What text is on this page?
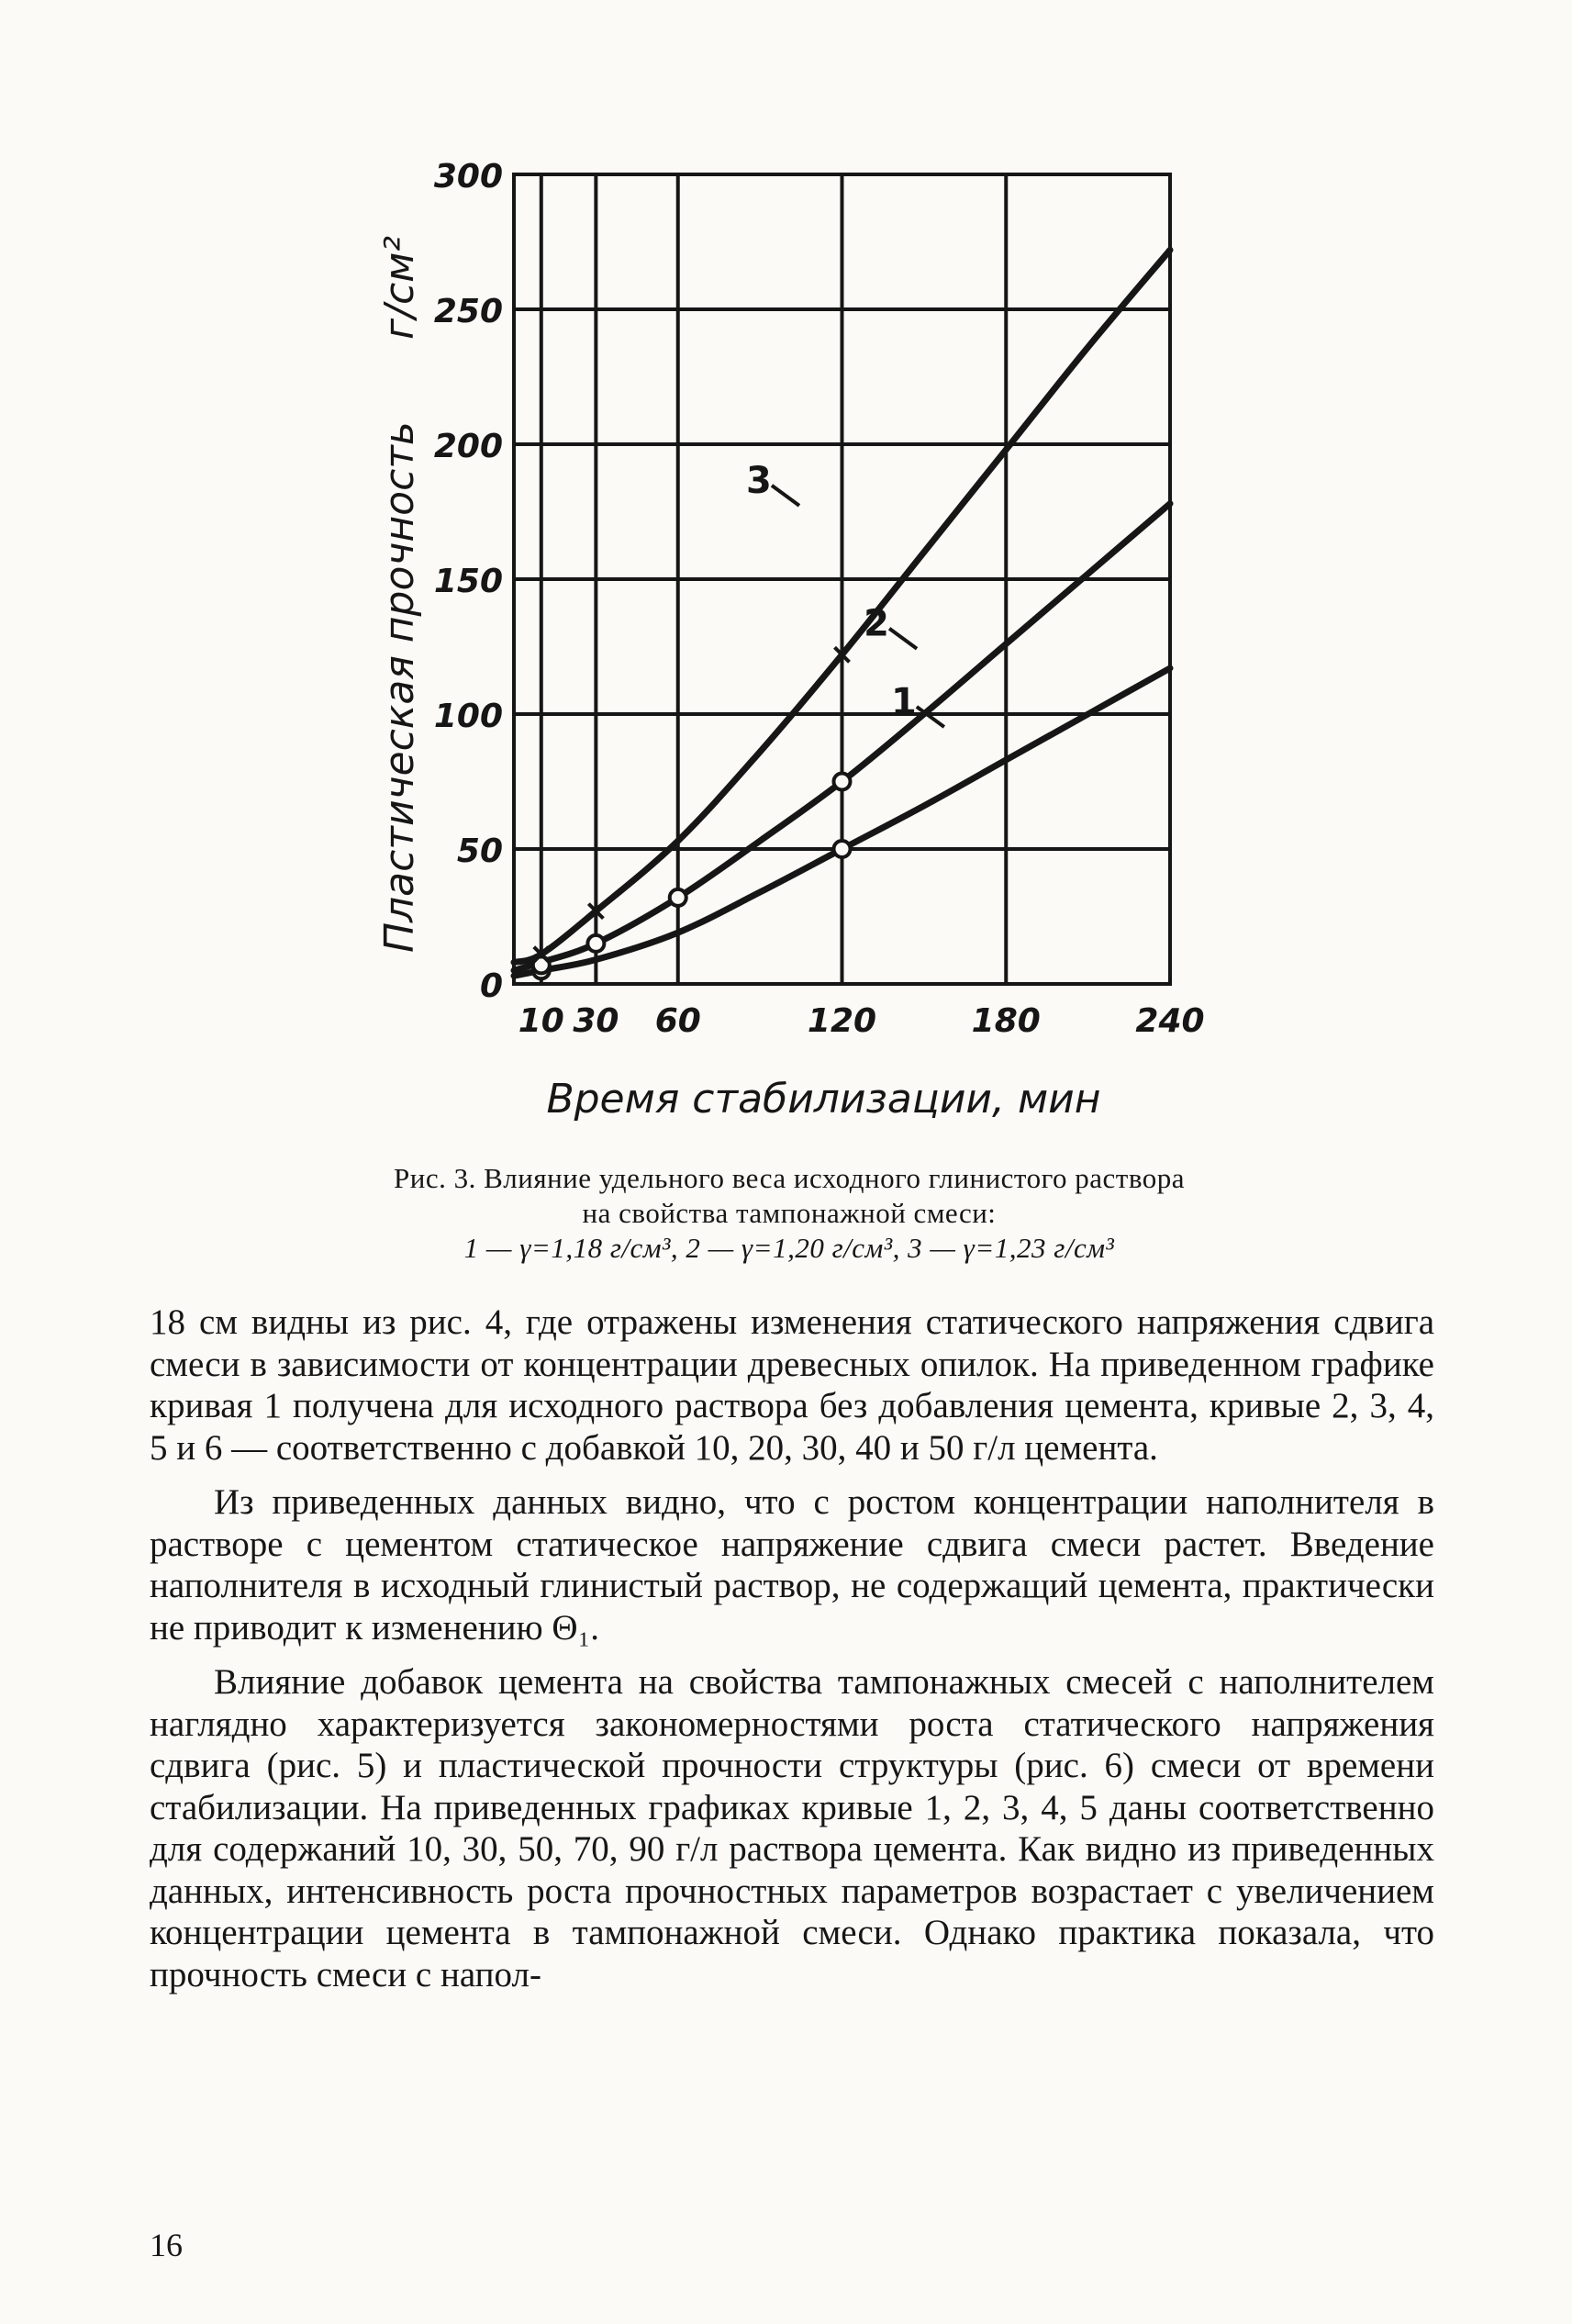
0
50
100
150
200
250
300
10 30 60	120	180	240
1
2
3
Пластическая прочность
г/см²
Время стабилизации, мин
Рис. 3. Влияние удельного веса исходного глинистого раствора
на свойства тампонажной смеси:
1 — γ=1,18 г/см³, 2 — γ=1,20 г/см³, 3 — γ=1,23 г/см³

18 см видны из рис. 4, где отражены изменения статического напряжения сдвига смеси в зависимости от концентрации древесных опилок. На приведенном графике кривая 1 получена для исходного раствора без добавления цемента, кривые 2, 3, 4, 5 и 6 — соответственно с добавкой 10, 20, 30, 40 и 50 г/л цемента.

Из приведенных данных видно, что с ростом концентрации наполнителя в растворе с цементом статическое напряжение сдвига смеси растет. Введение наполнителя в исходный глинистый раствор, не содержащий цемента, практически не приводит к изменению Θ₁.

Влияние добавок цемента на свойства тампонажных смесей с наполнителем наглядно характеризуется закономерностями роста статического напряжения сдвига (рис. 5) и пластической прочности структуры (рис. 6) смеси от времени стабилизации. На приведенных графиках кривые 1, 2, 3, 4, 5 даны соответственно для содержаний 10, 30, 50, 70, 90 г/л раствора цемента. Как видно из приведенных данных, интенсивность роста прочностных параметров возрастает с увеличением концентрации цемента в тампонажной смеси. Однако практика показала, что прочность смеси с напол-

16
